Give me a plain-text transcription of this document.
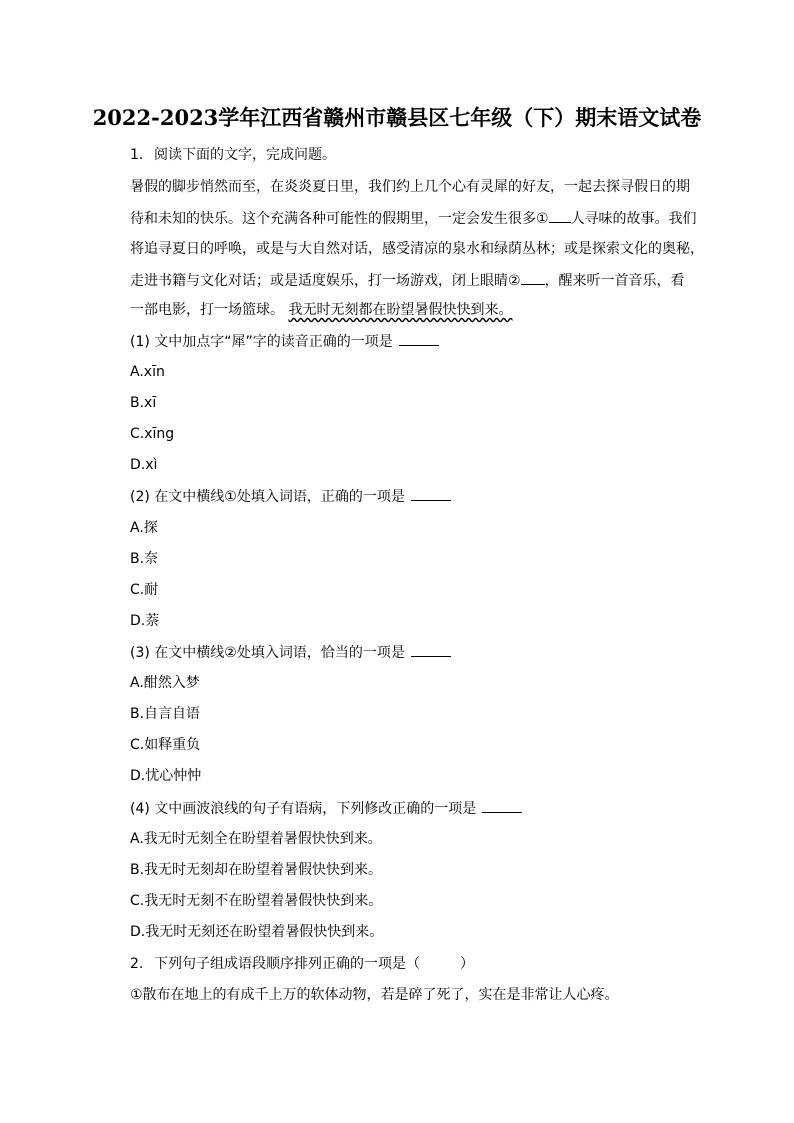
2022-2023学年江西省赣州市赣县区七年级（下）期末语文试卷
1. 阅读下面的文字，完成问题。
暑假的脚步悄然而至，在炎炎夏日里，我们约上几个心有灵犀的好友，一起去探寻假日的期
待和未知的快乐。这个充满各种可能性的假期里，一定会发生很多① 人寻味的故事。我们
将追寻夏日的呼唤，或是与大自然对话，感受清凉的泉水和绿荫丛林；或是探索文化的奥秘，
走进书籍与文化对话；或是适度娱乐，打一场游戏，闭上眼睛② ，醒来听一首音乐，看
一部电影，打一场篮球。 我无时无刻都在盼望暑假快快到来。
(1) 文中加点字“犀”字的读音正确的一项是
A.xīn
B.xī
C.xīng
D.xì
(2) 在文中横线①处填入词语，正确的一项是
A.探
B.奈
C.耐
D.萘
(3) 在文中横线②处填入词语，恰当的一项是
A.酣然入梦
B.自言自语
C.如释重负
D.忧心忡忡
(4) 文中画波浪线的句子有语病，下列修改正确的一项是
A.我无时无刻全在盼望着暑假快快到来。
B.我无时无刻却在盼望着暑假快快到来。
C.我无时无刻不在盼望着暑假快快到来。
D.我无时无刻还在盼望着暑假快快到来。
2. 下列句子组成语段顺序排列正确的一项是（	）
①散布在地上的有成千上万的软体动物，若是碎了死了，实在是非常让人心疼。
